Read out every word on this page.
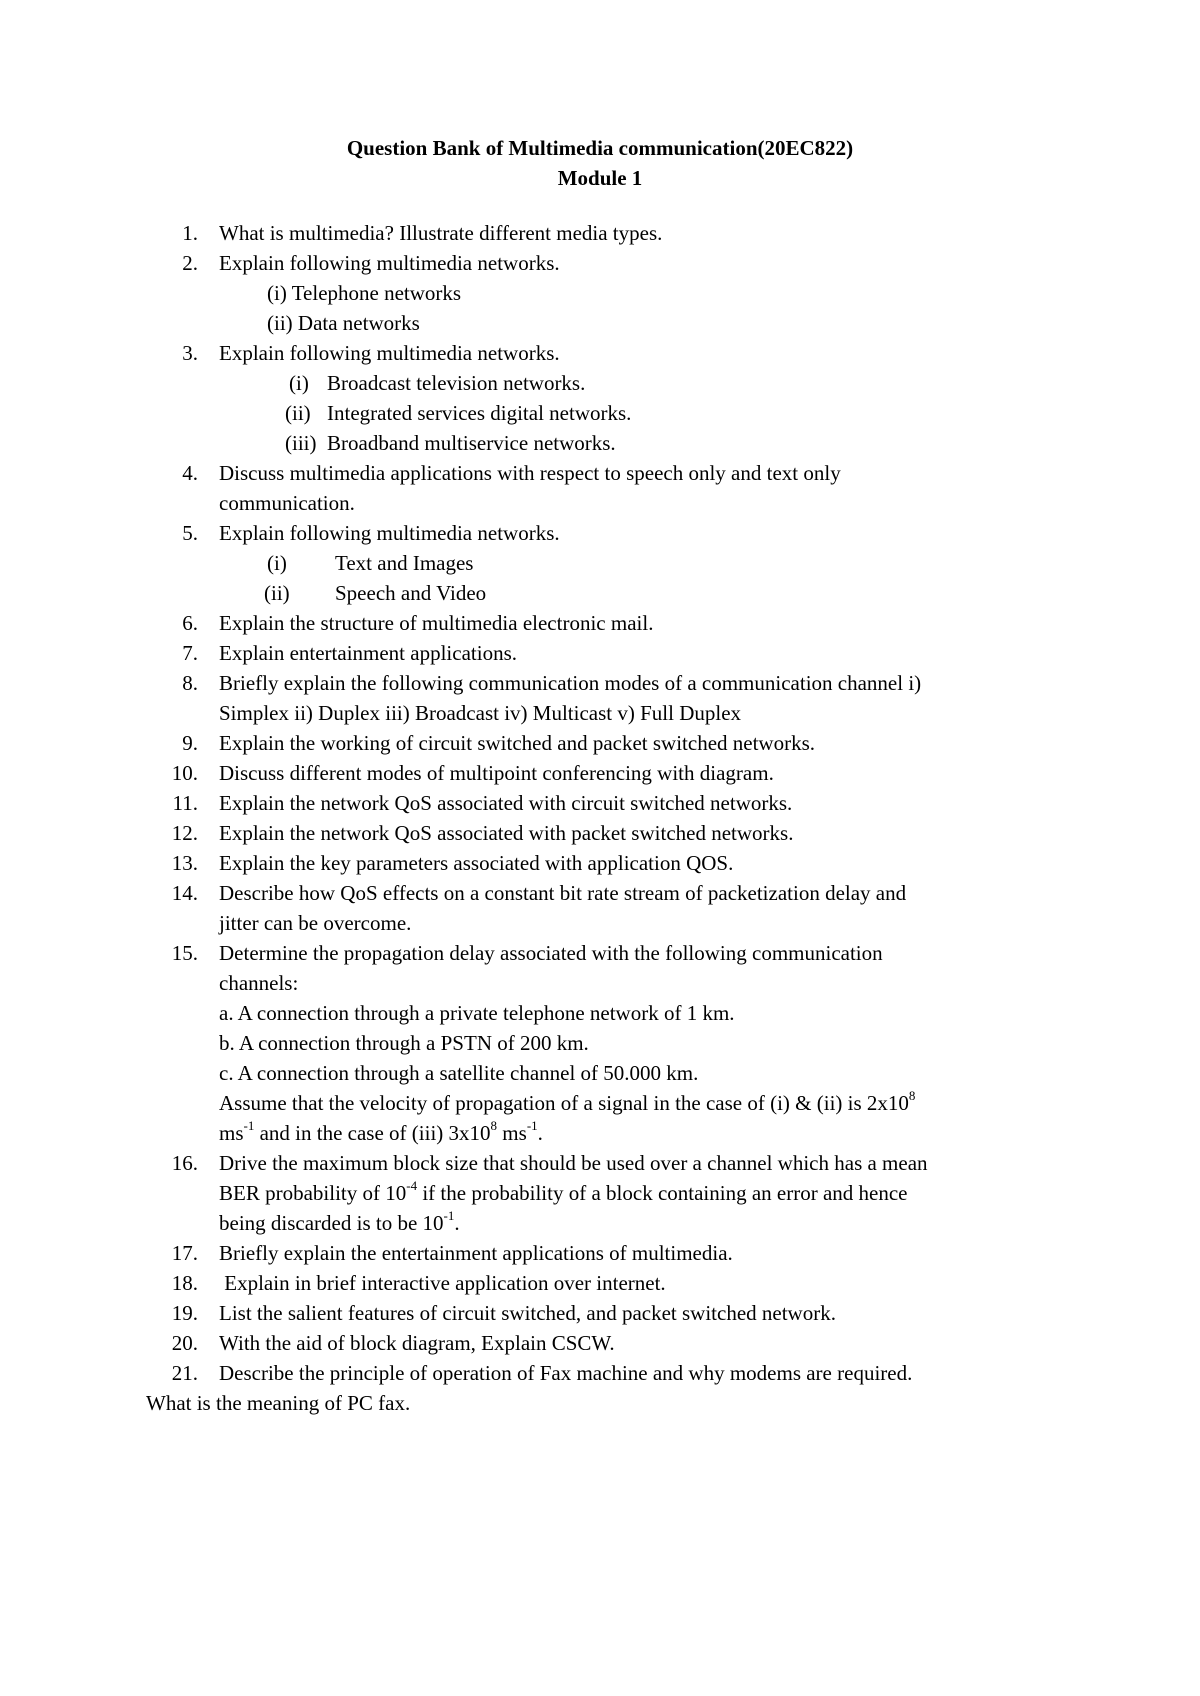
Question Bank of Multimedia communication(20EC822)
Module 1
1. What is multimedia? Illustrate different media types.
2. Explain following multimedia networks.
(i) Telephone networks
(ii) Data networks
3. Explain following multimedia networks.
(i) Broadcast television networks.
(ii) Integrated services digital networks.
(iii) Broadband multiservice networks.
4. Discuss multimedia applications with respect to speech only and text only
communication.
5. Explain following multimedia networks.
(i) Text and Images
(ii) Speech and Video
6. Explain the structure of multimedia electronic mail.
7. Explain entertainment applications.
8. Briefly explain the following communication modes of a communication channel i)
Simplex ii) Duplex iii) Broadcast iv) Multicast v) Full Duplex
9. Explain the working of circuit switched and packet switched networks.
10. Discuss different modes of multipoint conferencing with diagram.
11. Explain the network QoS associated with circuit switched networks.
12. Explain the network QoS associated with packet switched networks.
13. Explain the key parameters associated with application QOS.
14. Describe how QoS effects on a constant bit rate stream of packetization delay and
jitter can be overcome.
15. Determine the propagation delay associated with the following communication
channels:
a. A connection through a private telephone network of 1 km.
b. A connection through a PSTN of 200 km.
c. A connection through a satellite channel of 50.000 km.
Assume that the velocity of propagation of a signal in the case of (i) & (ii) is $2x10^8$
$ms^{-1}$ and in the case of (iii) $3x10^8$ $ms^{-1}$.
16. Drive the maximum block size that should be used over a channel which has a mean
BER probability of $10^{-4}$ if the probability of a block containing an error and hence
being discarded is to be $10^{-1}$.
17. Briefly explain the entertainment applications of multimedia.
18. Explain in brief interactive application over internet.
19. List the salient features of circuit switched, and packet switched network.
20. With the aid of block diagram, Explain CSCW.
21. Describe the principle of operation of Fax machine and why modems are required.
What is the meaning of PC fax.
